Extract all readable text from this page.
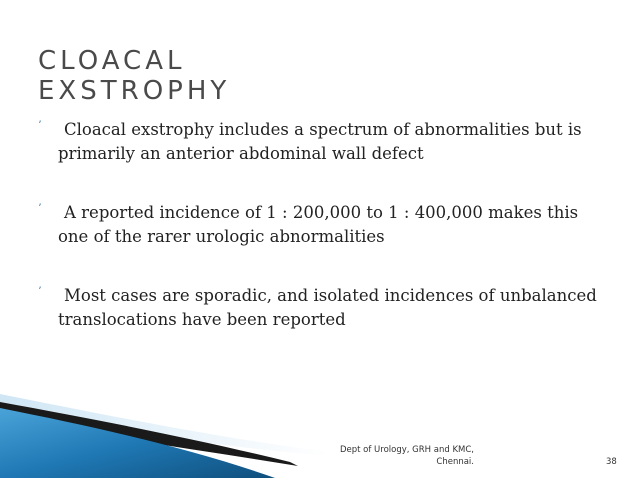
CLOACAL
EXSTROPHY
ʼ	Cloacal exstrophy includes a spectrum of abnormalities but is primarily an anterior abdominal wall defect
ʼ	A reported incidence of 1 : 200,000 to 1 : 400,000 makes this one of the rarer urologic abnormalities
ʼ	Most cases are sporadic, and isolated incidences of unbalanced translocations have been reported

Dept of Urology, GRH and KMC,
Chennai.	38
